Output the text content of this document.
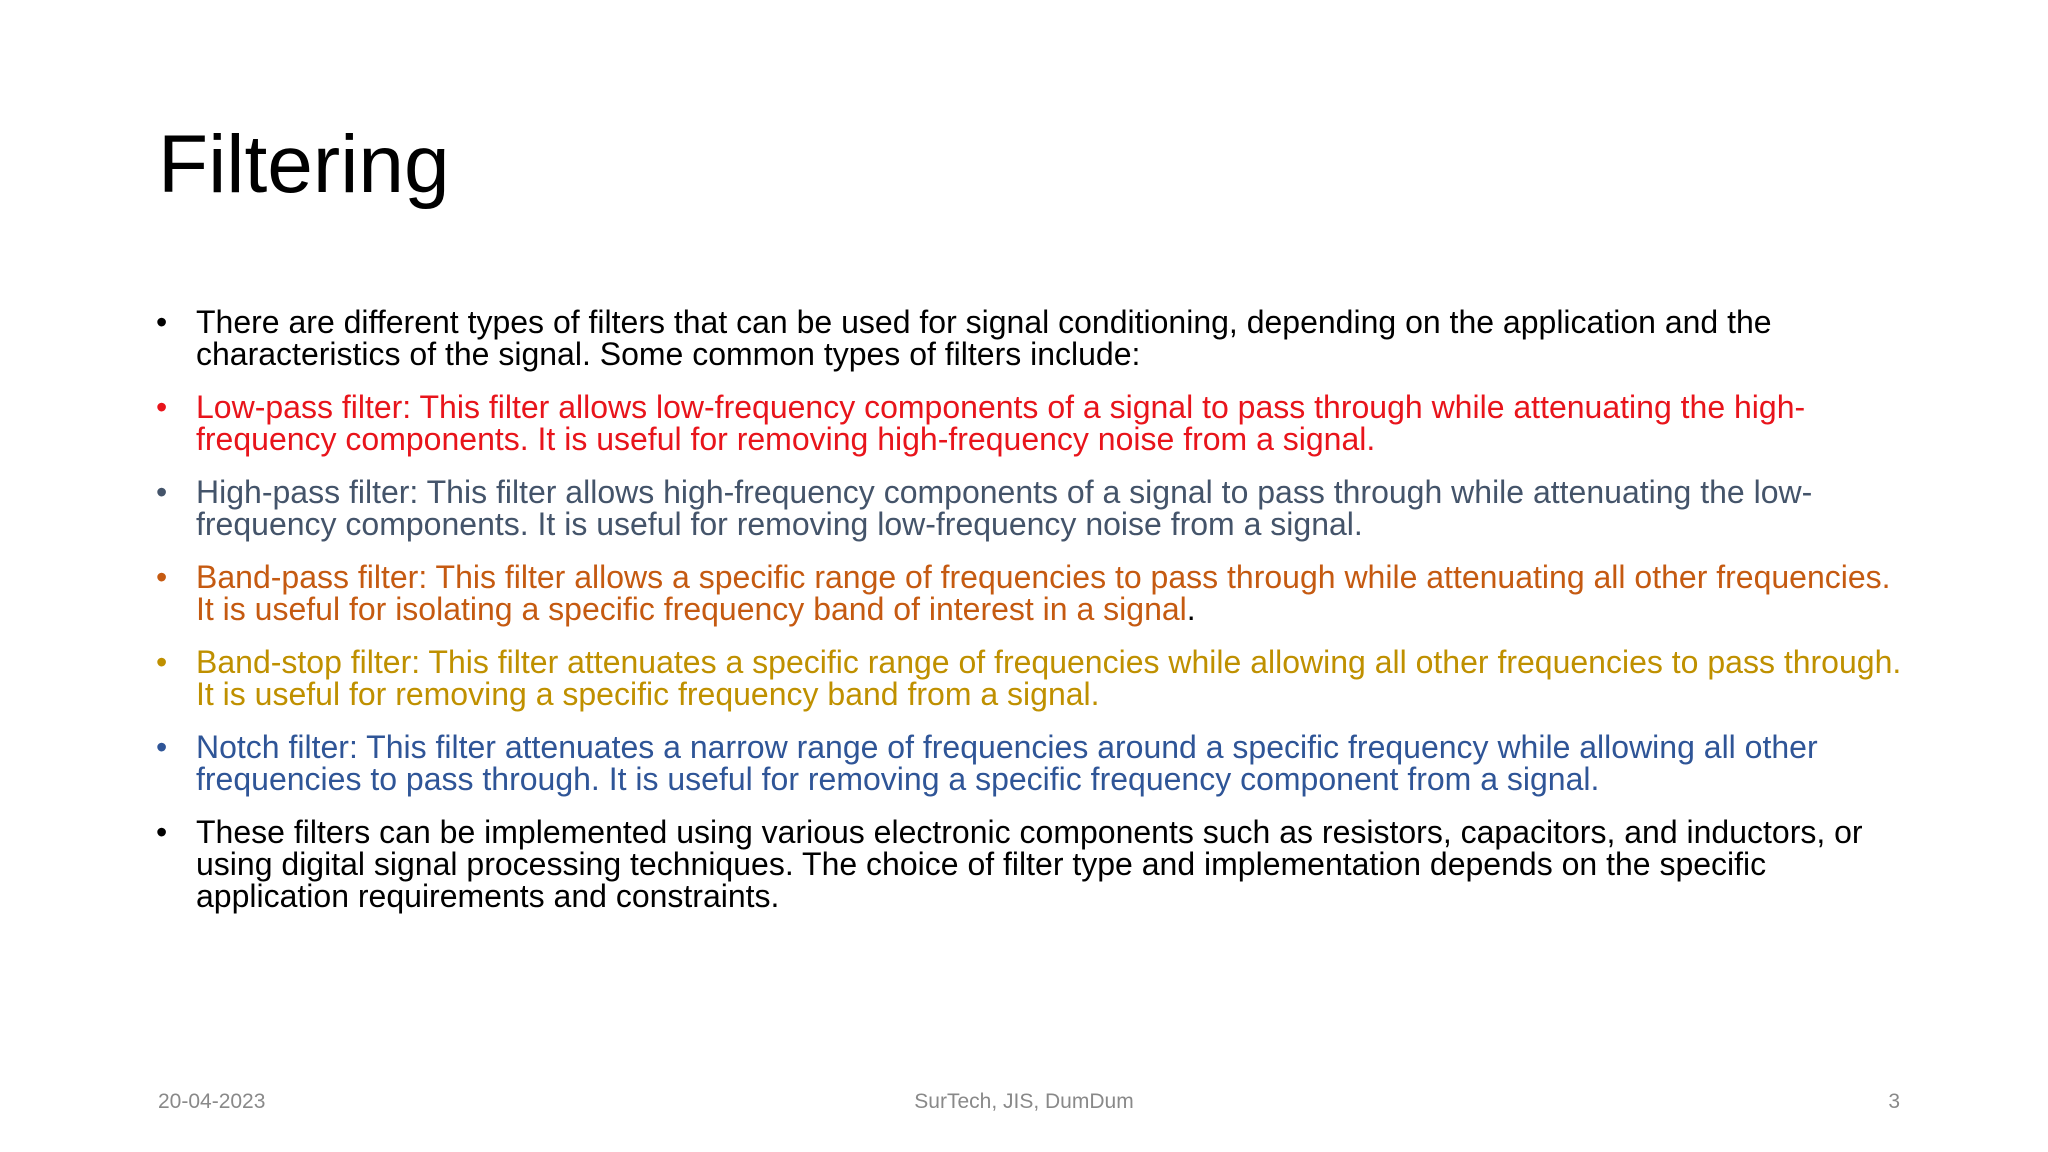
Filtering
• There are different types of filters that can be used for signal conditioning, depending on the application and the characteristics of the signal. Some common types of filters include:
• Low-pass filter: This filter allows low-frequency components of a signal to pass through while attenuating the high-frequency components. It is useful for removing high-frequency noise from a signal.
• High-pass filter: This filter allows high-frequency components of a signal to pass through while attenuating the low-frequency components. It is useful for removing low-frequency noise from a signal.
• Band-pass filter: This filter allows a specific range of frequencies to pass through while attenuating all other frequencies. It is useful for isolating a specific frequency band of interest in a signal.
• Band-stop filter: This filter attenuates a specific range of frequencies while allowing all other frequencies to pass through. It is useful for removing a specific frequency band from a signal.
• Notch filter: This filter attenuates a narrow range of frequencies around a specific frequency while allowing all other frequencies to pass through. It is useful for removing a specific frequency component from a signal.
• These filters can be implemented using various electronic components such as resistors, capacitors, and inductors, or using digital signal processing techniques. The choice of filter type and implementation depends on the specific application requirements and constraints.
20-04-2023	SurTech, JIS, DumDum	3
